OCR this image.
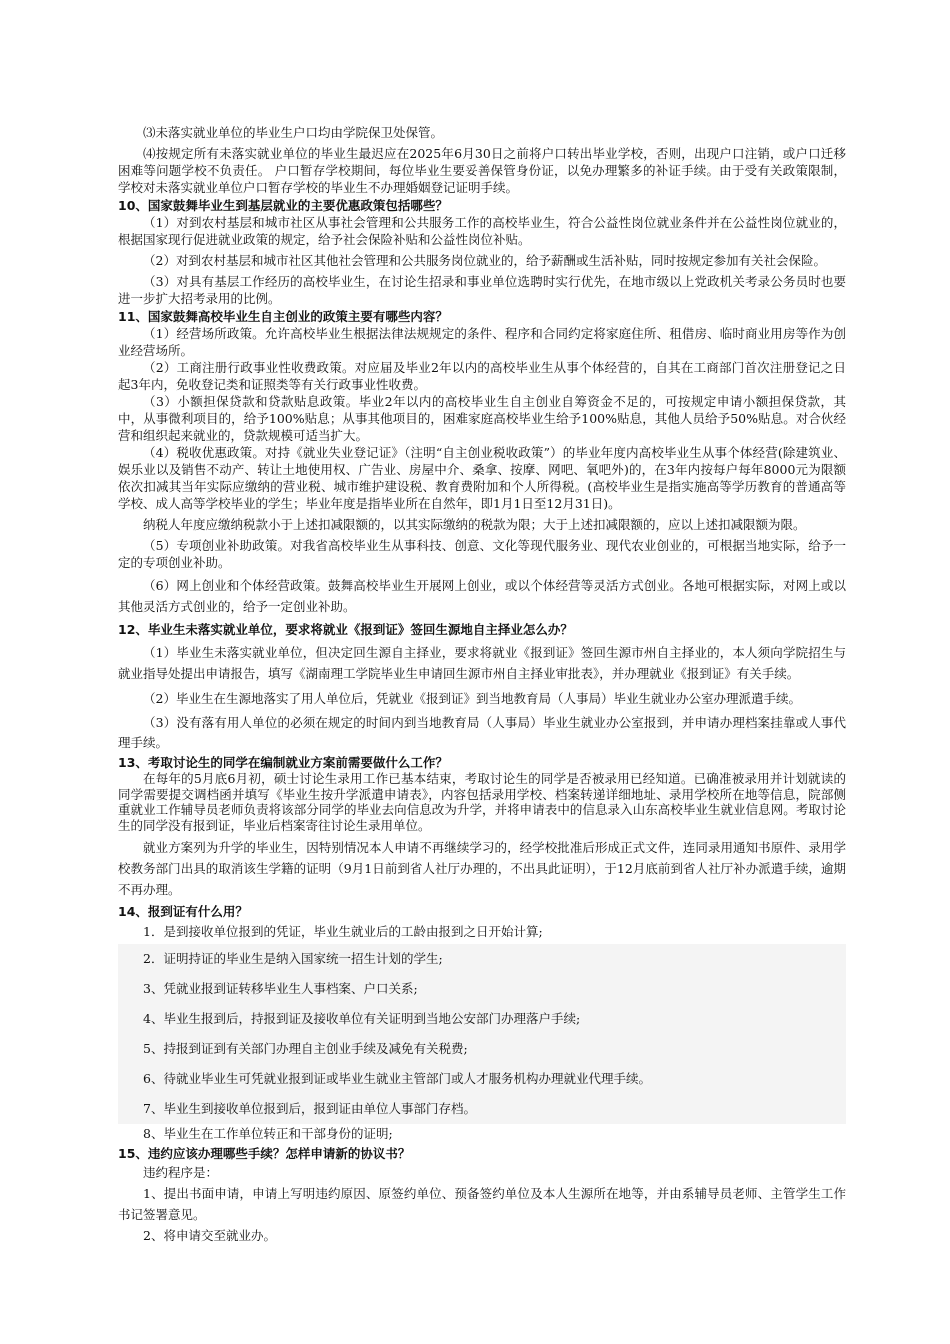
⑶未落实就业单位的毕业生户口均由学院保卫处保管。

⑷按规定所有未落实就业单位的毕业生最迟应在2025年6月30日之前将户口转出毕业学校，否则，出现户口注销，或户口迁移困难等问题学校不负责任。 户口暂存学校期间，每位毕业生要妥善保管身份证，以免办理繁多的补证手续。由于受有关政策限制，学校对未落实就业单位户口暂存学校的毕业生不办理婚姻登记证明手续。

10、国家鼓舞毕业生到基层就业的主要优惠政策包括哪些？

（1）对到农村基层和城市社区从事社会管理和公共服务工作的高校毕业生，符合公益性岗位就业条件并在公益性岗位就业的，根据国家现行促进就业政策的规定，给予社会保险补贴和公益性岗位补贴。

（2）对到农村基层和城市社区其他社会管理和公共服务岗位就业的，给予薪酬或生活补贴，同时按规定参加有关社会保险。

（3）对具有基层工作经历的高校毕业生，在讨论生招录和事业单位选聘时实行优先，在地市级以上党政机关考录公务员时也要进一步扩大招考录用的比例。

11、国家鼓舞高校毕业生自主创业的政策主要有哪些内容？

（1）经营场所政策。允许高校毕业生根据法律法规规定的条件、程序和合同约定将家庭住所、租借房、临时商业用房等作为创业经营场所。

（2）工商注册行政事业性收费政策。对应届及毕业2年以内的高校毕业生从事个体经营的，自其在工商部门首次注册登记之日起3年内，免收登记类和证照类等有关行政事业性收费。

（3）小额担保贷款和贷款贴息政策。毕业2年以内的高校毕业生自主创业自筹资金不足的，可按规定申请小额担保贷款，其中，从事微利项目的，给予100%贴息；从事其他项目的，困难家庭高校毕业生给予100%贴息，其他人员给予50%贴息。对合伙经营和组织起来就业的，贷款规模可适当扩大。

（4）税收优惠政策。对持《就业失业登记证》（注明“自主创业税收政策”）的毕业年度内高校毕业生从事个体经营(除建筑业、娱乐业以及销售不动产、转让土地使用权、广告业、房屋中介、桑拿、按摩、网吧、氧吧外)的，在3年内按每户每年8000元为限额依次扣减其当年实际应缴纳的营业税、城市维护建设税、教育费附加和个人所得税。(高校毕业生是指实施高等学历教育的普通高等学校、成人高等学校毕业的学生；毕业年度是指毕业所在自然年，即1月1日至12月31日)。

纳税人年度应缴纳税款小于上述扣减限额的，以其实际缴纳的税款为限；大于上述扣减限额的，应以上述扣减限额为限。

（5）专项创业补助政策。对我省高校毕业生从事科技、创意、文化等现代服务业、现代农业创业的，可根据当地实际，给予一定的专项创业补助。

（6）网上创业和个体经营政策。鼓舞高校毕业生开展网上创业，或以个体经营等灵活方式创业。各地可根据实际，对网上或以其他灵活方式创业的，给予一定创业补助。

12、毕业生未落实就业单位，要求将就业《报到证》签回生源地自主择业怎么办？

（1）毕业生未落实就业单位，但决定回生源自主择业，要求将就业《报到证》签回生源市州自主择业的，本人须向学院招生与就业指导处提出申请报告，填写《湖南理工学院毕业生申请回生源市州自主择业审批表》，并办理就业《报到证》有关手续。

（2）毕业生在生源地落实了用人单位后，凭就业《报到证》到当地教育局（人事局）毕业生就业办公室办理派遣手续。

（3）没有落有用人单位的必须在规定的时间内到当地教育局（人事局）毕业生就业办公室报到，并申请办理档案挂靠或人事代理手续。

13、考取讨论生的同学在编制就业方案前需要做什么工作？

在每年的5月底6月初，硕士讨论生录用工作已基本结束，考取讨论生的同学是否被录用已经知道。已确准被录用并计划就读的同学需要提交调档函并填写《毕业生按升学派遣申请表》，内容包括录用学校、档案转递详细地址、录用学校所在地等信息，院部侧重就业工作辅导员老师负责将该部分同学的毕业去向信息改为升学，并将申请表中的信息录入山东高校毕业生就业信息网。考取讨论生的同学没有报到证，毕业后档案寄往讨论生录用单位。

就业方案列为升学的毕业生，因特别情况本人申请不再继续学习的，经学校批准后形成正式文件，连同录用通知书原件、录用学校教务部门出具的取消该生学籍的证明（9月1日前到省人社厅办理的，不出具此证明），于12月底前到省人社厅补办派遣手续，逾期不再办理。

14、报到证有什么用？

1．是到接收单位报到的凭证，毕业生就业后的工龄由报到之日开始计算;

2．证明持证的毕业生是纳入国家统一招生计划的学生;

3、凭就业报到证转移毕业生人事档案、户口关系;

4、毕业生报到后，持报到证及接收单位有关证明到当地公安部门办理落户手续;

5、持报到证到有关部门办理自主创业手续及减免有关税费;

6、待就业毕业生可凭就业报到证或毕业生就业主管部门或人才服务机构办理就业代理手续。

7、毕业生到接收单位报到后，报到证由单位人事部门存档。

8、毕业生在工作单位转正和干部身份的证明;

15、违约应该办理哪些手续？怎样申请新的协议书？

违约程序是：

1、提出书面申请，申请上写明违约原因、原签约单位、预备签约单位及本人生源所在地等，并由系辅导员老师、主管学生工作书记签署意见。

2、将申请交至就业办。
